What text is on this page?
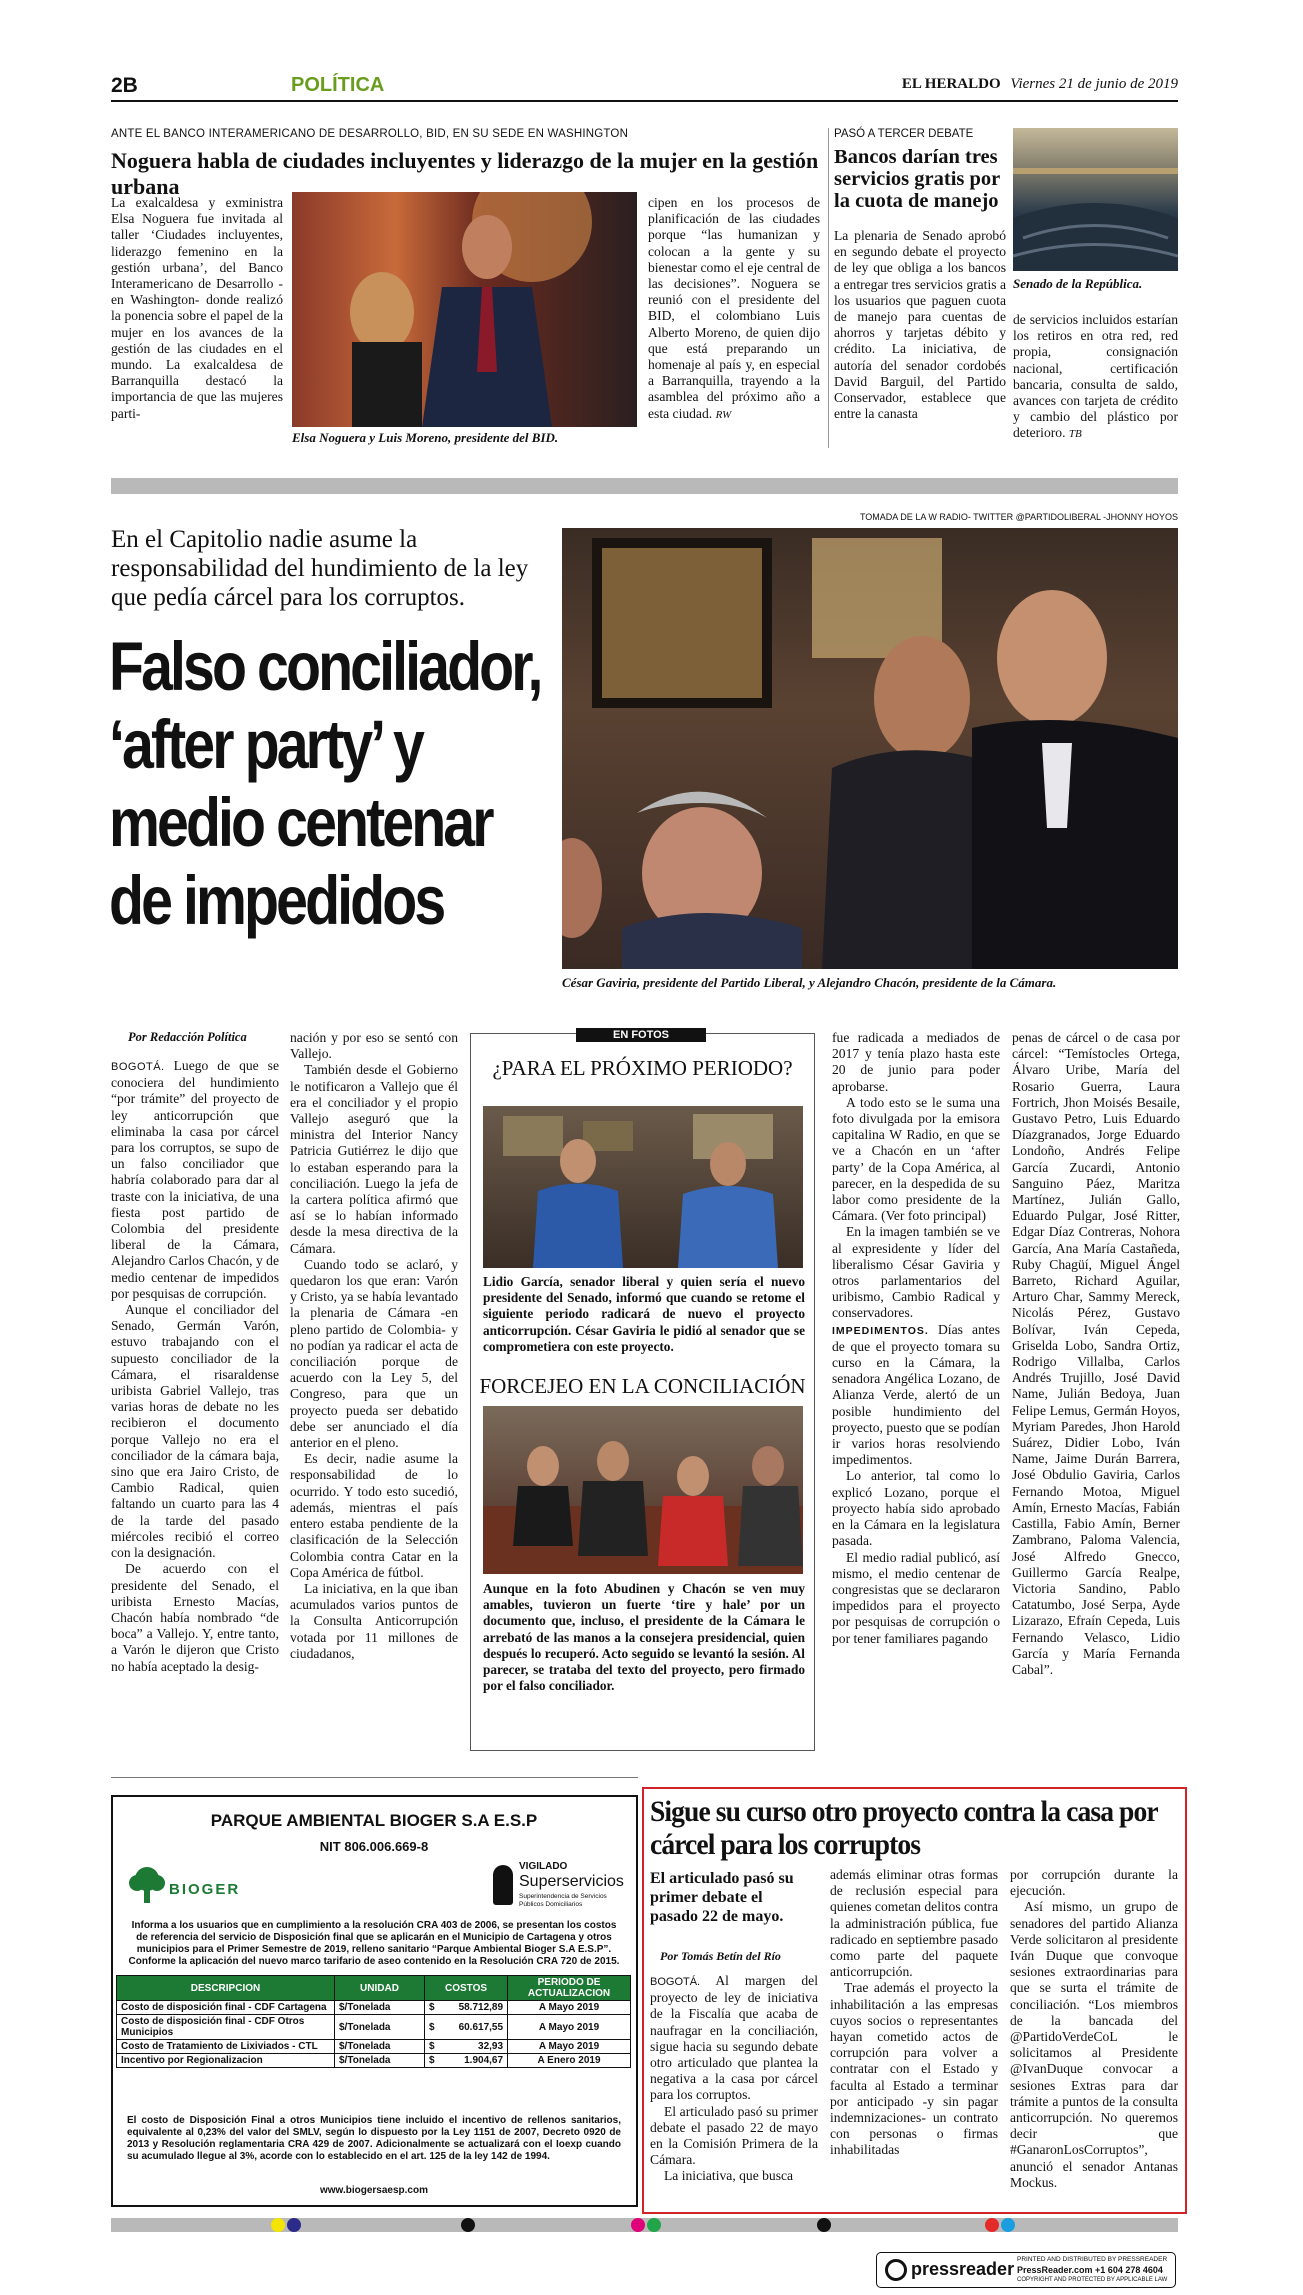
2B	POLÍTICA	EL HERALDO Viernes 21 de junio de 2019
ANTE EL BANCO INTERAMERICANO DE DESARROLLO, BID, EN SU SEDE EN WASHINGTON
Noguera habla de ciudades incluyentes y liderazgo de la mujer en la gestión urbana
La exalcaldesa y exministra Elsa Noguera fue invitada al taller ‘Ciudades incluyentes, liderazgo femenino en la gestión urbana’, del Banco Interamericano de Desarrollo -en Washington- donde realizó la ponencia sobre el papel de la mujer en los avances de la gestión de las ciudades en el mundo. La exalcaldesa de Barranquilla destacó la importancia de que las mujeres parti-
Elsa Noguera y Luis Moreno, presidente del BID.
cipen en los procesos de planificación de las ciudades porque “las humanizan y colocan a la gente y su bienestar como el eje central de las decisiones”. Noguera se reunió con el presidente del BID, el colombiano Luis Alberto Moreno, de quien dijo que está preparando un homenaje al país y, en especial a Barranquilla, trayendo a la asamblea del próximo año a esta ciudad. RW
PASÓ A TERCER DEBATE
Bancos darían tres servicios gratis por la cuota de manejo
La plenaria de Senado aprobó en segundo debate el proyecto de ley que obliga a los bancos a entregar tres servicios gratis a los usuarios que paguen cuota de manejo para cuentas de ahorros y tarjetas débito y crédito. La iniciativa, de autoría del senador cordobés David Barguil, del Partido Conservador, establece que entre la canasta
Senado de la República.
de servicios incluidos estarían los retiros en otra red, red propia, consignación nacional, certificación bancaria, consulta de saldo, avances con tarjeta de crédito y cambio del plástico por deterioro. TB
En el Capitolio nadie asume la responsabilidad del hundimiento de la ley que pedía cárcel para los corruptos.
Falso conciliador, ‘after party’ y medio centenar de impedidos
TOMADA DE LA W RADIO- TWITTER @PARTIDOLIBERAL -JHONNY HOYOS
César Gaviria, presidente del Partido Liberal, y Alejandro Chacón, presidente de la Cámara.
Por Redacción Política

BOGOTÁ. Luego de que se conociera del hundimiento “por trámite” del proyecto de ley anticorrupción que eliminaba la casa por cárcel para los corruptos, se supo de un falso conciliador que habría colaborado para dar al traste con la iniciativa, de una fiesta post partido de Colombia del presidente liberal de la Cámara, Alejandro Carlos Chacón, y de medio centenar de impedidos por pesquisas de corrupción.

Aunque el conciliador del Senado, Germán Varón, estuvo trabajando con el supuesto conciliador de la Cámara, el risaraldense uribista Gabriel Vallejo, tras varias horas de debate no les recibieron el documento porque Vallejo no era el conciliador de la cámara baja, sino que era Jairo Cristo, de Cambio Radical, quien faltando un cuarto para las 4 de la tarde del pasado miércoles recibió el correo con la designación.

De acuerdo con el presidente del Senado, el uribista Ernesto Macías, Chacón había nombrado “de boca” a Vallejo. Y, entre tanto, a Varón le dijeron que Cristo no había aceptado la desig-

nación y por eso se sentó con Vallejo.

También desde el Gobierno le notificaron a Vallejo que él era el conciliador y el propio Vallejo aseguró que la ministra del Interior Nancy Patricia Gutiérrez le dijo que lo estaban esperando para la conciliación. Luego la jefa de la cartera política afirmó que así se lo habían informado desde la mesa directiva de la Cámara.

Cuando todo se aclaró, y quedaron los que eran: Varón y Cristo, ya se había levantado la plenaria de Cámara -en pleno partido de Colombia- y no podían ya radicar el acta de conciliación porque de acuerdo con la Ley 5, del Congreso, para que un proyecto pueda ser debatido debe ser anunciado el día anterior en el pleno.

Es decir, nadie asume la responsabilidad de lo ocurrido. Y todo esto sucedió, además, mientras el país entero estaba pendiente de la clasificación de la Selección Colombia contra Catar en la Copa América de fútbol.

La iniciativa, en la que iban acumulados varios puntos de la Consulta Anticorrupción votada por 11 millones de ciudadanos,

EN FOTOS
¿PARA EL PRÓXIMO PERIODO?
Lidio García, senador liberal y quien sería el nuevo presidente del Senado, informó que cuando se retome el siguiente periodo radicará de nuevo el proyecto anticorrupción. César Gaviria le pidió al senador que se comprometiera con este proyecto.
FORCEJEO EN LA CONCILIACIÓN
Aunque en la foto Abudinen y Chacón se ven muy amables, tuvieron un fuerte ‘tire y hale’ por un documento que, incluso, el presidente de la Cámara le arrebató de las manos a la consejera presidencial, quien después lo recuperó. Acto seguido se levantó la sesión. Al parecer, se trataba del texto del proyecto, pero firmado por el falso conciliador.

fue radicada a mediados de 2017 y tenía plazo hasta este 20 de junio para poder aprobarse.

A todo esto se le suma una foto divulgada por la emisora capitalina W Radio, en que se ve a Chacón en un ‘after party’ de la Copa América, al parecer, en la despedida de su labor como presidente de la Cámara. (Ver foto principal)

En la imagen también se ve al expresidente y líder del liberalismo César Gaviria y otros parlamentarios del uribismo, Cambio Radical y conservadores.

IMPEDIMENTOS. Días antes de que el proyecto tomara su curso en la Cámara, la senadora Angélica Lozano, de Alianza Verde, alertó de un posible hundimiento del proyecto, puesto que se podían ir varios horas resolviendo impedimentos.

Lo anterior, tal como lo explicó Lozano, porque el proyecto había sido aprobado en la Cámara en la legislatura pasada.

El medio radial publicó, así mismo, el medio centenar de congresistas que se declararon impedidos para el proyecto por pesquisas de corrupción o por tener familiares pagando

penas de cárcel o de casa por cárcel: “Temístocles Ortega, Álvaro Uribe, María del Rosario Guerra, Laura Fortrich, Jhon Moisés Besaile, Gustavo Petro, Luis Eduardo Díazgranados, Jorge Eduardo Londoño, Andrés Felipe García Zucardi, Antonio Sanguino Páez, Maritza Martínez, Julián Gallo, Eduardo Pulgar, José Ritter, Edgar Díaz Contreras, Nohora García, Ana María Castañeda, Ruby Chagüí, Miguel Ángel Barreto, Richard Aguilar, Arturo Char, Sammy Mereck, Nicolás Pérez, Gustavo Bolívar, Iván Cepeda, Griselda Lobo, Sandra Ortiz, Rodrigo Villalba, Carlos Andrés Trujillo, José David Name, Julián Bedoya, Juan Felipe Lemus, Germán Hoyos, Myriam Paredes, Jhon Harold Suárez, Didier Lobo, Iván Name, Jaime Durán Barrera, José Obdulio Gaviria, Carlos Fernando Motoa, Miguel Amín, Ernesto Macías, Fabián Castilla, Fabio Amín, Berner Zambrano, Paloma Valencia, José Alfredo Gnecco, Guillermo García Realpe, Victoria Sandino, Pablo Catatumbo, José Serpa, Ayde Lizarazo, Efraín Cepeda, Luis Fernando Velasco, Lidio García y María Fernanda Cabal”.
PARQUE AMBIENTAL BIOGER S.A E.S.P
NIT 806.006.669-8
BIOGER
VIGILADO
Superservicios
Superintendencia de Servicios Públicos Domiciliarios
Informa a los usuarios que en cumplimiento a la resolución CRA 403 de 2006, se presentan los costos de referencia del servicio de Disposición final que se aplicarán en el Municipio de Cartagena y otros municipios para el Primer Semestre de 2019, relleno sanitario “Parque Ambiental Bioger S.A E.S.P”. Conforme la aplicación del nuevo marco tarifario de aseo contenido en la Resolución CRA 720 de 2015.
DESCRIPCION	UNIDAD	COSTOS		PERIODO DE ACTUALIZACION
Costo de disposición final - CDF Cartagena	$/Tonelada	$	58.712,89	A Mayo 2019
Costo de disposición final - CDF Otros Municipios	$/Tonelada	$	60.617,55	A Mayo 2019
Costo de Tratamiento de Lixiviados - CTL	$/Tonelada	$	32,93	A Mayo 2019
Incentivo por Regionalizacion	$/Tonelada	$	1.904,67	A Enero 2019
El costo de Disposición Final a otros Municipios tiene incluido el incentivo de rellenos sanitarios, equivalente al 0,23% del valor del SMLV, según lo dispuesto por la Ley 1151 de 2007, Decreto 0920 de 2013 y Resolución reglamentaria CRA 429 de 2007. Adicionalmente se actualizará con el Ioexp cuando su acumulado llegue al 3%, acorde con lo establecido en el art. 125 de la ley 142 de 1994.
www.biogersaesp.com
Sigue su curso otro proyecto contra la casa por cárcel para los corruptos
El articulado pasó su primer debate el pasado 22 de mayo.
Por Tomás Betín del Río

BOGOTÁ. Al margen del proyecto de ley de iniciativa de la Fiscalía que acaba de naufragar en la conciliación, sigue hacia su segundo debate otro articulado que plantea la negativa a la casa por cárcel para los corruptos.

El articulado pasó su primer debate el pasado 22 de mayo en la Comisión Primera de la Cámara.

La iniciativa, que busca

además eliminar otras formas de reclusión especial para quienes cometan delitos contra la administración pública, fue radicado en septiembre pasado como parte del paquete anticorrupción.

Trae además el proyecto la inhabilitación a las empresas cuyos socios o representantes hayan cometido actos de corrupción para volver a contratar con el Estado y faculta al Estado a terminar por anticipado -y sin pagar indemnizaciones- un contrato con personas o firmas inhabilitadas

por corrupción durante la ejecución.

Así mismo, un grupo de senadores del partido Alianza Verde solicitaron al presidente Iván Duque que convoque sesiones extraordinarias para que se surta el trámite de conciliación. “Los miembros de la bancada del @PartidoVerdeCoL le solicitamos al Presidente @IvanDuque convocar a sesiones Extras para dar trámite a puntos de la consulta anticorrupción. No queremos decir que #GanaronLosCorruptos”, anunció el senador Antanas Mockus.

pressreader PRINTED AND DISTRIBUTED BY PRESSREADER
PressReader.com +1 604 278 4604
COPYRIGHT AND PROTECTED BY APPLICABLE LAW
